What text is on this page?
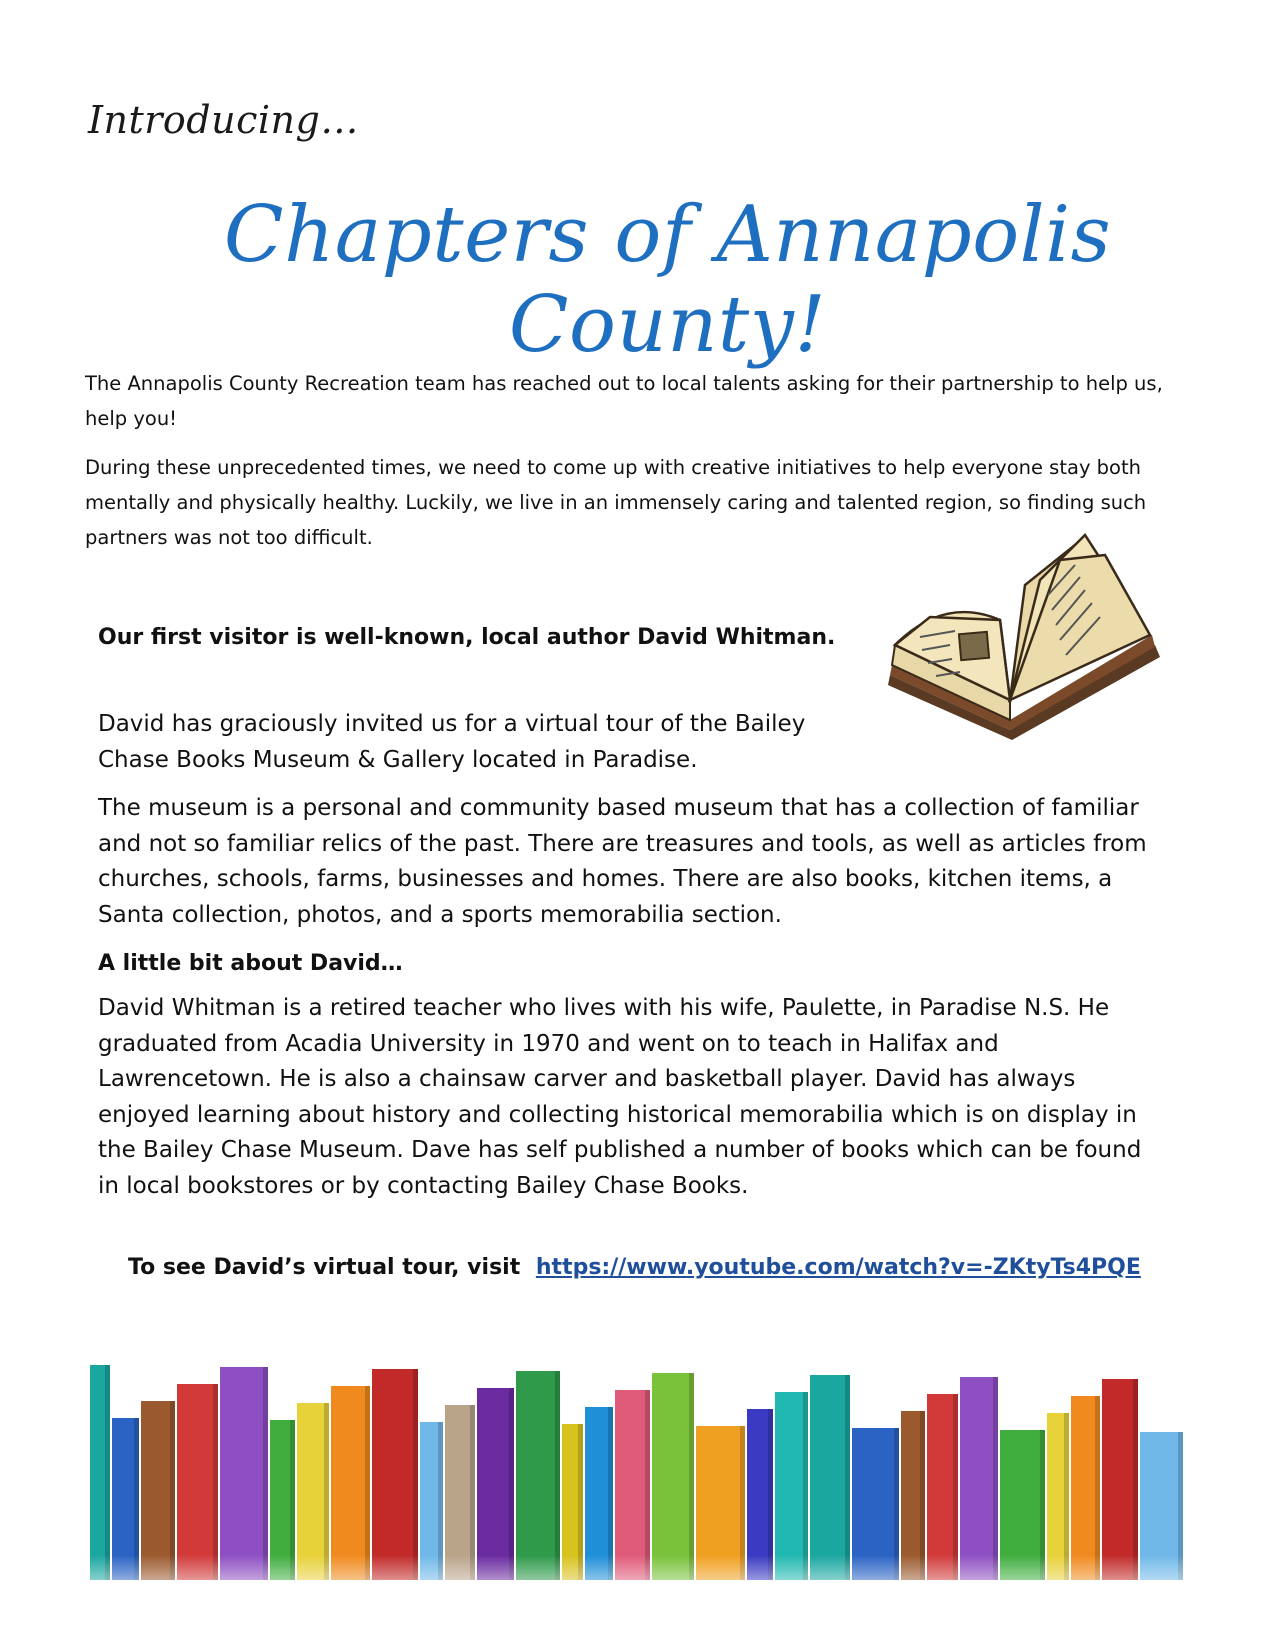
Introducing…
Chapters of Annapolis County!

The Annapolis County Recreation team has reached out to local talents asking for their partnership to help us, help you!

During these unprecedented times, we need to come up with creative initiatives to help everyone stay both mentally and physically healthy. Luckily, we live in an immensely caring and talented region, so finding such partners was not too difficult.

Our first visitor is well-known, local author David Whitman.

David has graciously invited us for a virtual tour of the Bailey Chase Books Museum & Gallery located in Paradise.

The museum is a personal and community based museum that has a collection of familiar and not so familiar relics of the past. There are treasures and tools, as well as articles from churches, schools, farms, businesses and homes. There are also books, kitchen items, a Santa collection, photos, and a sports memorabilia section.

A little bit about David…

David Whitman is a retired teacher who lives with his wife, Paulette, in Paradise N.S. He graduated from Acadia University in 1970 and went on to teach in Halifax and Lawrencetown. He is also a chainsaw carver and basketball player. David has always enjoyed learning about history and collecting historical memorabilia which is on display in the Bailey Chase Museum. Dave has self published a number of books which can be found in local bookstores or by contacting Bailey Chase Books.

To see David’s virtual tour, visit https://www.youtube.com/watch?v=-ZKtyTs4PQE
